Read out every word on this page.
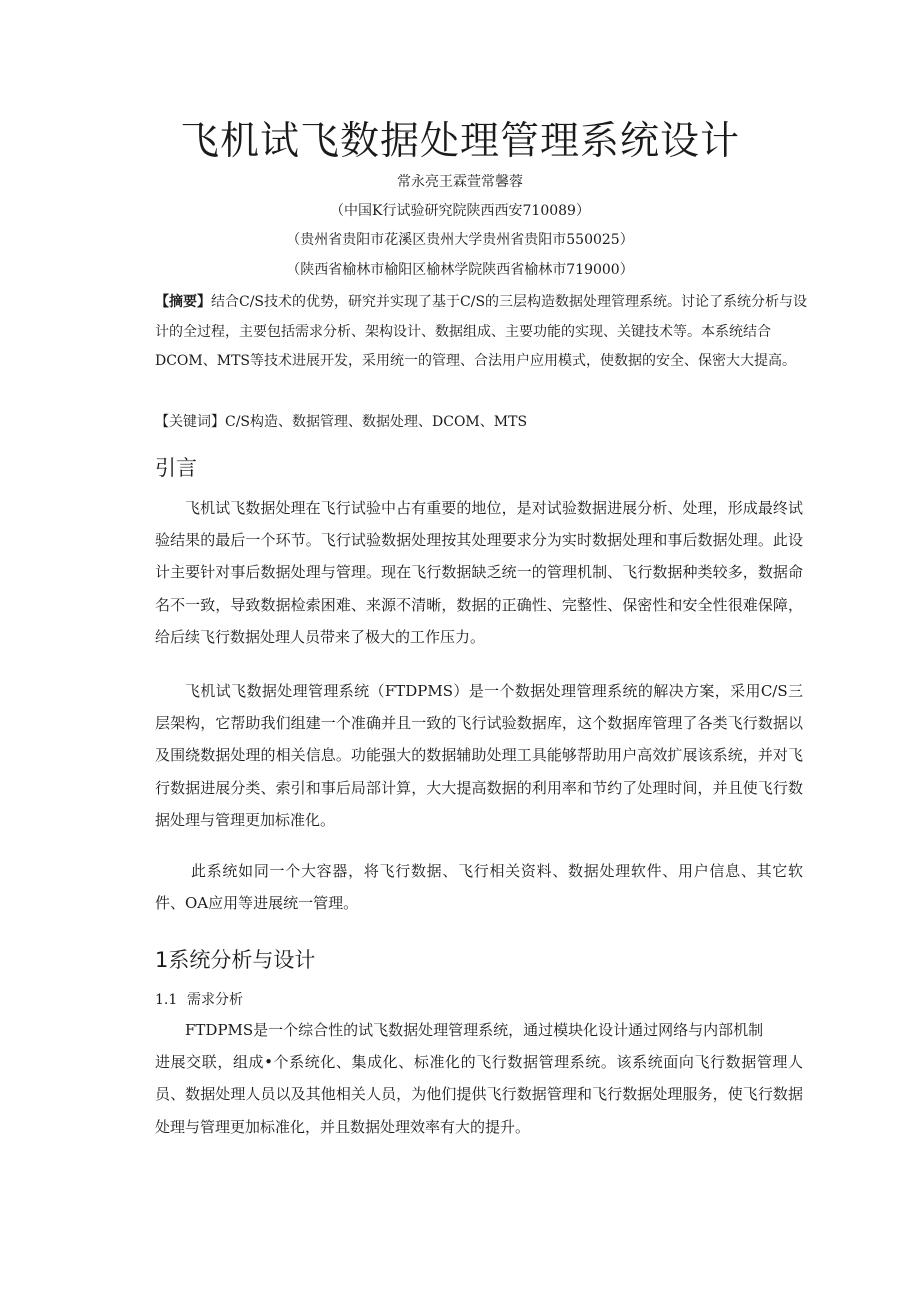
飞机试飞数据处理管理系统设计
常永亮王霖萱常馨蓉
（中国K行试验研究院陕西西安710089）
（贵州省贵阳市花溪区贵州大学贵州省贵阳市550025）
（陕西省榆林市榆阳区榆林学院陕西省榆林市719000）
【摘要】结合C/S技术的优势，研究并实现了基于C/S的三层构造数据处理管理系统。讨论了系统分析与设计的全过程，主要包括需求分析、架构设计、数据组成、主要功能的实现、关键技术等。本系统结合DCOM、MTS等技术进展开发，采用统一的管理、合法用户应用模式，使数据的安全、保密大大提高。
【关键词】C/S构造、数据管理、数据处理、DCOM、MTS
引言
飞机试飞数据处理在飞行试验中占有重要的地位，是对试验数据进展分析、处理，形成最终试验结果的最后一个环节。飞行试验数据处理按其处理要求分为实时数据处理和事后数据处理。此设计主要针对事后数据处理与管理。现在飞行数据缺乏统一的管理机制、飞行数据种类较多，数据命名不一致，导致数据检索困难、来源不清晰，数据的正确性、完整性、保密性和安全性很难保障，给后续飞行数据处理人员带来了极大的工作压力。
飞机试飞数据处理管理系统（FTDPMS）是一个数据处理管理系统的解决方案，采用C/S三层架构，它帮助我们组建一个准确并且一致的飞行试验数据库，这个数据库管理了各类飞行数据以及围绕数据处理的相关信息。功能强大的数据辅助处理工具能够帮助用户高效扩展该系统，并对飞行数据进展分类、索引和事后局部计算，大大提高数据的利用率和节约了处理时间，并且使飞行数据处理与管理更加标准化。
此系统如同一个大容器，将飞行数据、飞行相关资料、数据处理软件、用户信息、其它软件、OA应用等进展统一管理。
1系统分析与设计
1.1 需求分析
FTDPMS是一个综合性的试飞数据处理管理系统，通过模块化设计通过网络与内部机制
进展交联，组成•个系统化、集成化、标准化的飞行数据管理系统。该系统面向飞行数据管理人员、数据处理人员以及其他相关人员，为他们提供飞行数据管理和飞行数据处理服务，使飞行数据处理与管理更加标准化，并且数据处理效率有大的提升。
